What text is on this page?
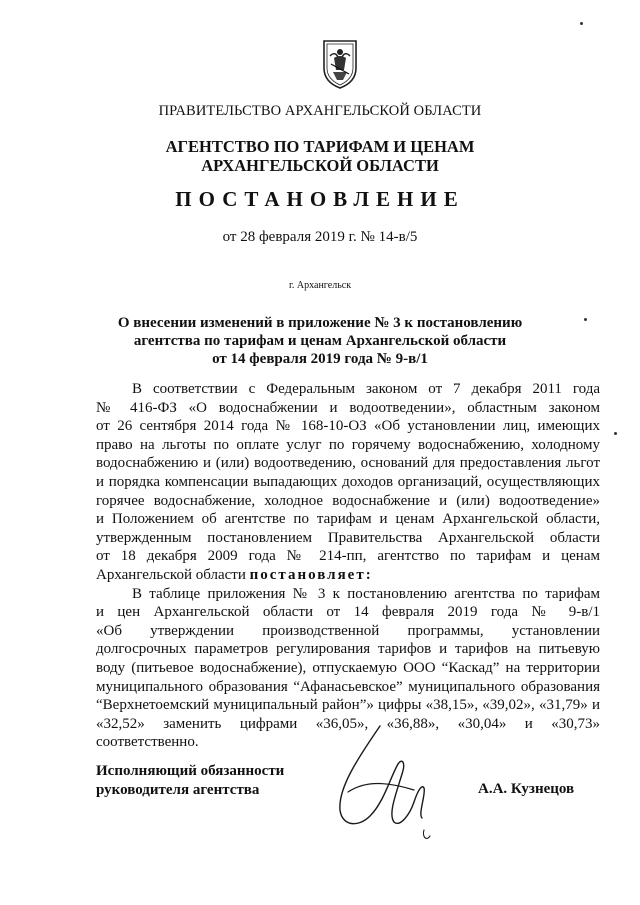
ПРАВИТЕЛЬСТВО АРХАНГЕЛЬСКОЙ ОБЛАСТИ
АГЕНТСТВО ПО ТАРИФАМ И ЦЕНАМ
АРХАНГЕЛЬСКОЙ ОБЛАСТИ
ПОСТАНОВЛЕНИЕ
от 28 февраля 2019 г. № 14-в/5
г. Архангельск
О внесении изменений в приложение № 3 к постановлению
агентства по тарифам и ценам Архангельской области
от 14 февраля 2019 года № 9-в/1
В соответствии с Федеральным законом от 7 декабря 2011 года
№ 416-ФЗ «О водоснабжении и водоотведении», областным законом
от 26 сентября 2014 года № 168-10-ОЗ «Об установлении лиц, имеющих
право на льготы по оплате услуг по горячему водоснабжению, холодному
водоснабжению и (или) водоотведению, оснований для предоставления льгот
и порядка компенсации выпадающих доходов организаций, осуществляющих
горячее водоснабжение, холодное водоснабжение и (или) водоотведение»
и Положением об агентстве по тарифам и ценам Архангельской области,
утвержденным постановлением Правительства Архангельской области
от 18 декабря 2009 года № 214-пп, агентство по тарифам и ценам
Архангельской области постановляет:
В таблице приложения № 3 к постановлению агентства по тарифам
и цен Архангельской области от 14 февраля 2019 года № 9-в/1
«Об утверждении производственной программы, установлении
долгосрочных параметров регулирования тарифов и тарифов на питьевую
воду (питьевое водоснабжение), отпускаемую ООО “Каскад” на территории
муниципального образования “Афанасьевское” муниципального образования
“Верхнетоемский муниципальный район”» цифры «38,15», «39,02», «31,79» и
«32,52» заменить цифрами «36,05», «36,88», «30,04» и «30,73»
соответственно.
Исполняющий обязанности
руководителя агентства	А.А. Кузнецов
